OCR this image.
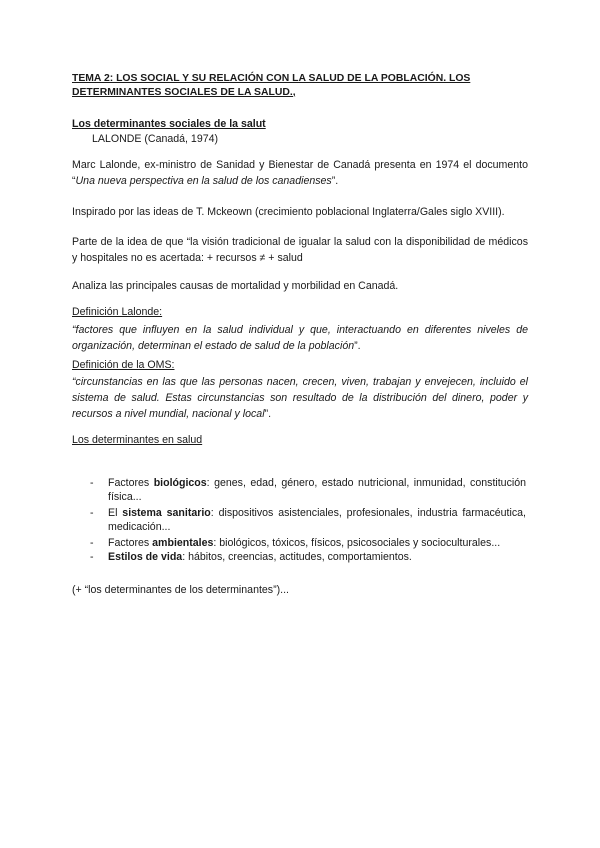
TEMA 2: LOS SOCIAL Y SU RELACIÓN CON LA SALUD DE LA POBLACIÓN. LOS
DETERMINANTES SOCIALES DE LA SALUD.,
Los determinantes sociales de la salut
LALONDE (Canadá, 1974)
Marc Lalonde, ex-ministro de Sanidad y Bienestar de Canadá presenta en 1974 el documento “Una nueva perspectiva en la salud de los canadienses”.
Inspirado por las ideas de T. Mckeown (crecimiento poblacional Inglaterra/Gales siglo XVIII).
Parte de la idea de que “la visión tradicional de igualar la salud con la disponibilidad de médicos y hospitales no es acertada: + recursos ≠ + salud
Analiza las principales causas de mortalidad y morbilidad en Canadá.
Definición Lalonde:
“factores que influyen en la salud individual y que, interactuando en diferentes niveles de organización, determinan el estado de salud de la población”.
Definición de la OMS:
“circunstancias en las que las personas nacen, crecen, viven, trabajan y envejecen, incluido el sistema de salud. Estas circunstancias son resultado de la distribución del dinero, poder y recursos a nivel mundial, nacional y local”.
Los determinantes en salud
-	Factores biológicos: genes, edad, género, estado nutricional, inmunidad, constitución física...
-	El sistema sanitario: dispositivos asistenciales, profesionales, industria farmacéutica, medicación...
-	Factores ambientales: biológicos, tóxicos, físicos, psicosociales y socioculturales...
-	Estilos de vida: hábitos, creencias, actitudes, comportamientos.
(+ “los determinantes de los determinantes”)...
